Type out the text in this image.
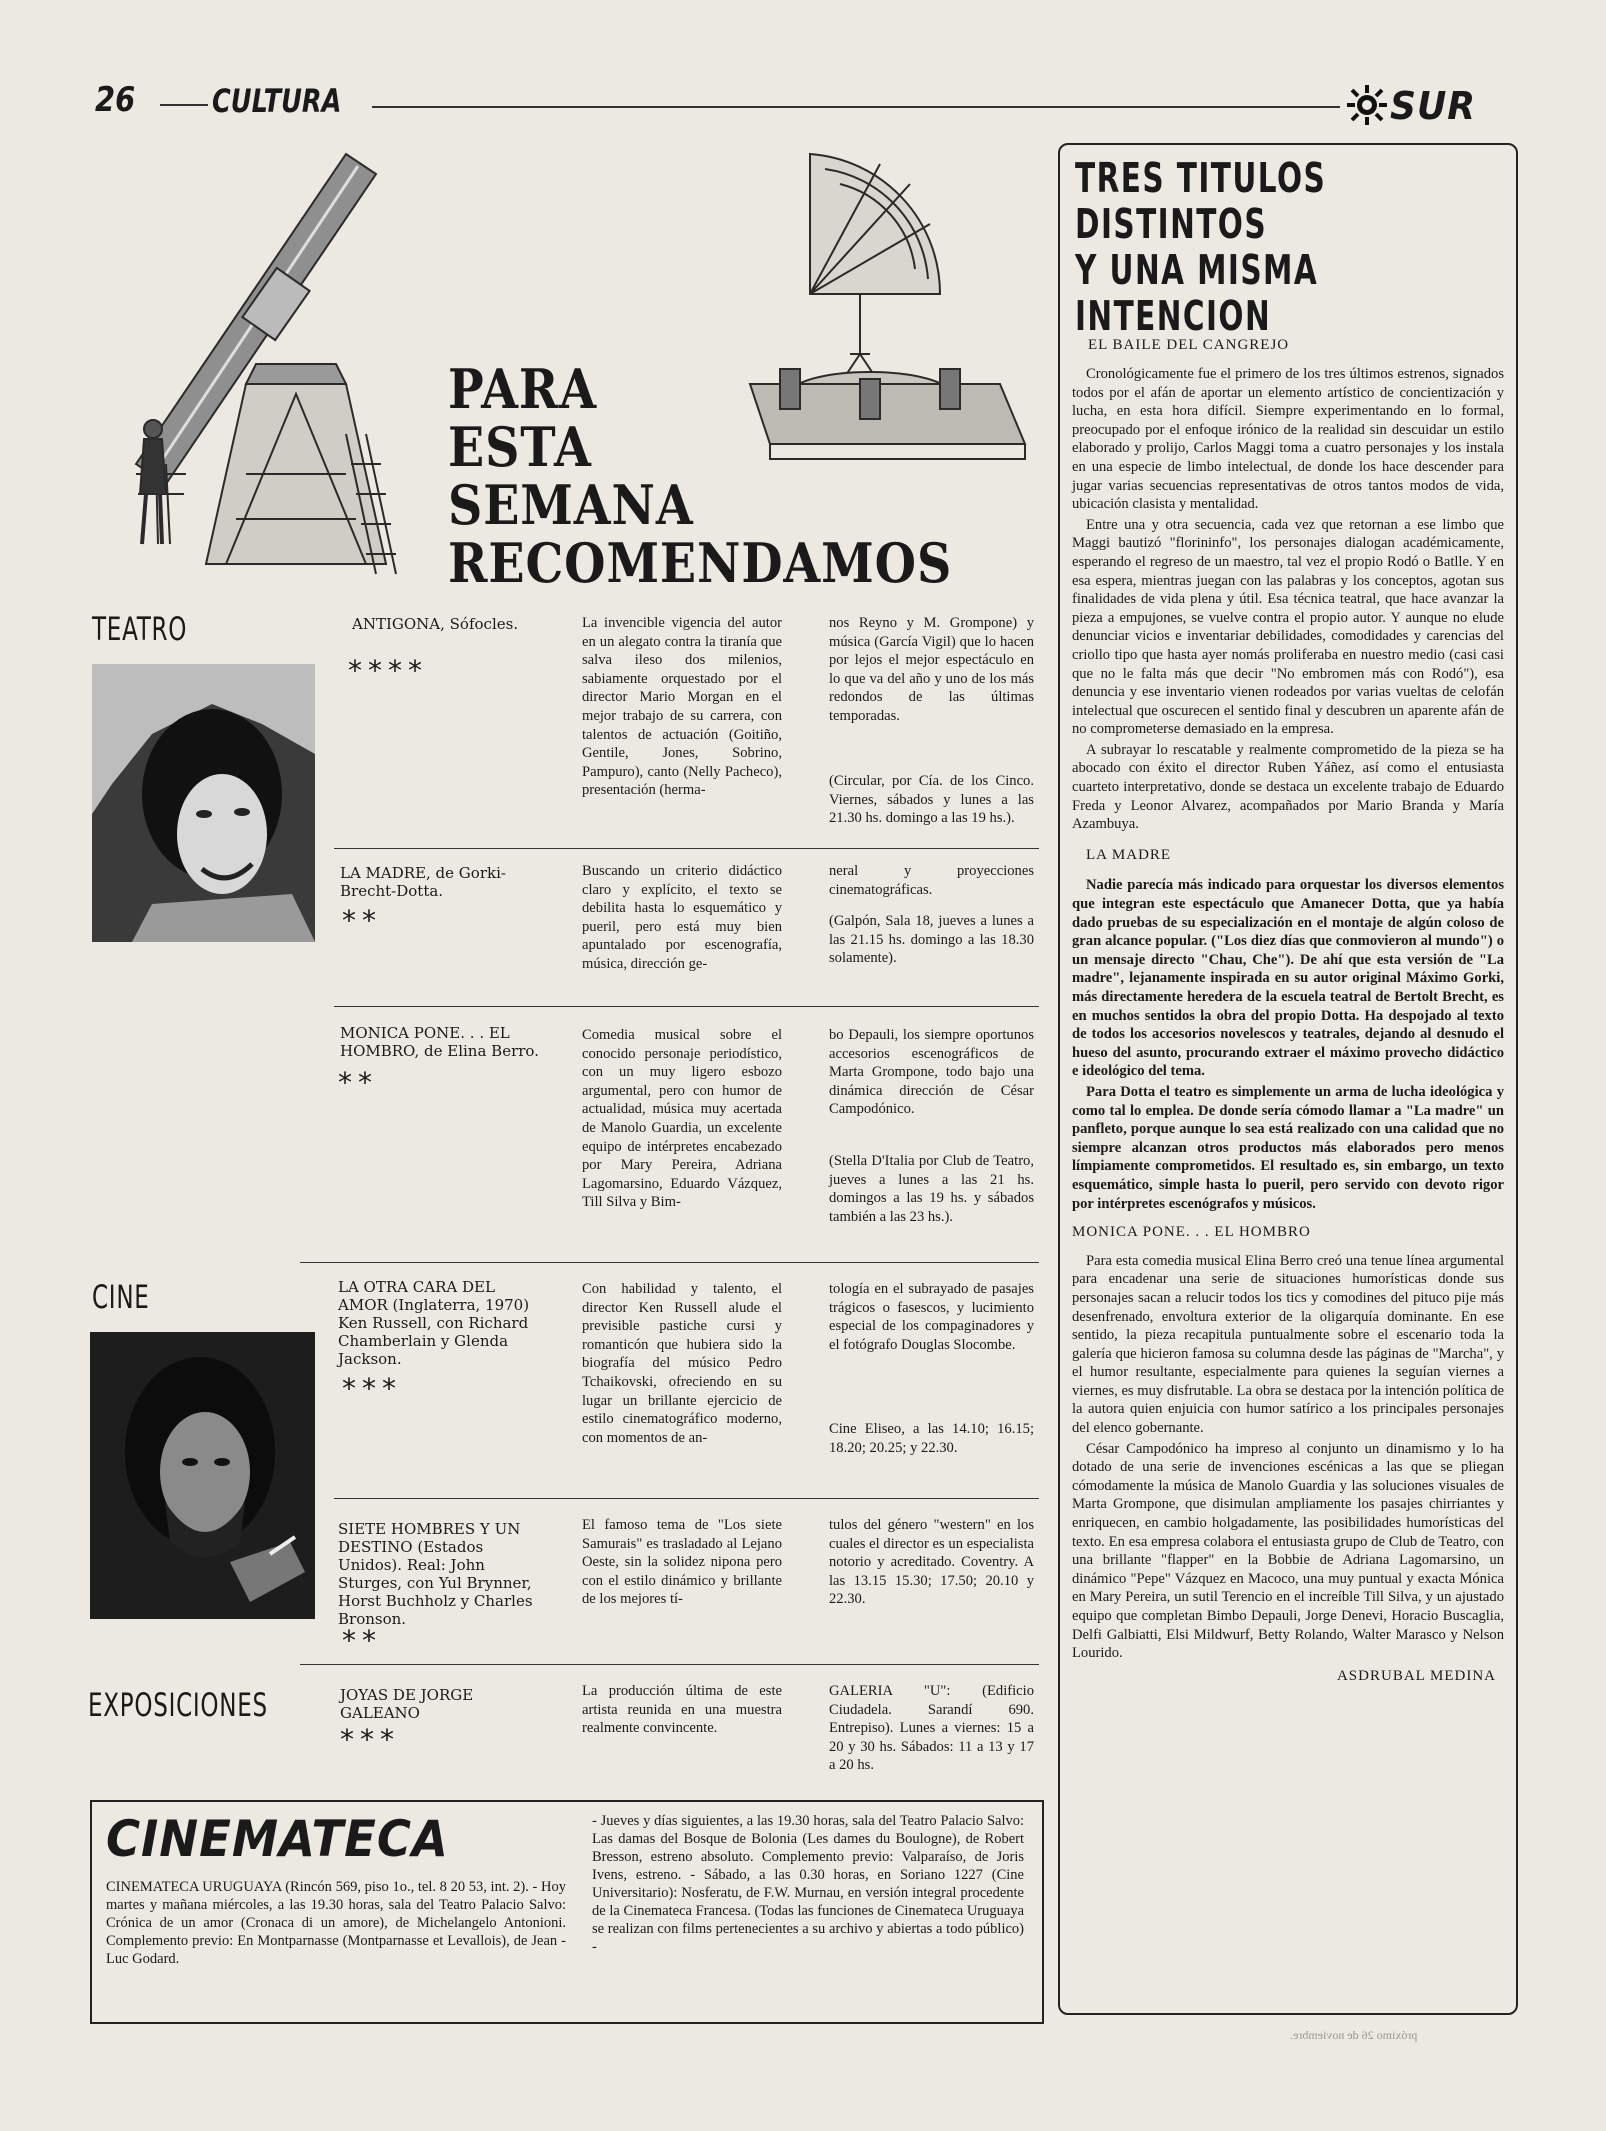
26 CULTURA	SUR
PARA
ESTA
SEMANA
RECOMENDAMOS
TEATRO
CINE
EXPOSICIONES
ANTIGONA, Sófocles.
****
La invencible vigencia del autor en un alegato contra la tiranía que salva ileso dos milenios, sabiamente orquestado por el director Mario Morgan en el mejor trabajo de su carrera, con talentos de actuación (Goitiño, Gentile, Jones, Sobrino, Pampuro), canto (Nelly Pacheco), presentación (herma-
nos Reyno y M. Grompone) y música (García Vigil) que lo hacen por lejos el mejor espectáculo en lo que va del año y uno de los más redondos de las últimas temporadas.
(Circular, por Cía. de los Cinco. Viernes, sábados y lunes a las 21.30 hs. domingo a las 19 hs.).
LA MADRE, de Gorki-Brecht-Dotta.
**
Buscando un criterio didáctico claro y explícito, el texto se debilita hasta lo esquemático y pueril, pero está muy bien apuntalado por escenografía, música, dirección ge-
neral y proyecciones cinematográficas.
(Galpón, Sala 18, jueves a lunes a las 21.15 hs. domingo a las 18.30 solamente).
MONICA PONE. . . EL HOMBRO, de Elina Berro.
**
Comedia musical sobre el conocido personaje periodístico, con un muy ligero esbozo argumental, pero con humor de actualidad, música muy acertada de Manolo Guardia, un excelente equipo de intérpretes encabezado por Mary Pereira, Adriana Lagomarsino, Eduardo Vázquez, Till Silva y Bim-
bo Depauli, los siempre oportunos accesorios escenográficos de Marta Grompone, todo bajo una dinámica dirección de César Campodónico.
(Stella D'Italia por Club de Teatro, jueves a lunes a las 21 hs. domingos a las 19 hs. y sábados también a las 23 hs.).
LA OTRA CARA DEL AMOR (Inglaterra, 1970) Ken Russell, con Richard Chamberlain y Glenda Jackson.
***
Con habilidad y talento, el director Ken Russell alude el previsible pastiche cursi y romanticón que hubiera sido la biografía del músico Pedro Tchaikovski, ofreciendo en su lugar un brillante ejercicio de estilo cinematográfico moderno, con momentos de an-
tología en el subrayado de pasajes trágicos o fasescos, y lucimiento especial de los compaginadores y el fotógrafo Douglas Slocombe.
Cine Eliseo, a las 14.10; 16.15; 18.20; 20.25; y 22.30.
SIETE HOMBRES Y UN DESTINO (Estados Unidos). Real: John Sturges, con Yul Brynner, Horst Buchholz y Charles Bronson.
**
El famoso tema de "Los siete Samurais" es trasladado al Lejano Oeste, sin la solidez nipona pero con el estilo dinámico y brillante de los mejores tí-
tulos del género "western" en los cuales el director es un especialista notorio y acreditado. Coventry. A las 13.15 15.30; 17.50; 20.10 y 22.30.
JOYAS DE JORGE GALEANO
***
La producción última de este artista reunida en una muestra realmente convincente.
GALERIA "U": (Edificio Ciudadela. Sarandí 690. Entrepiso). Lunes a viernes: 15 a 20 y 30 hs. Sábados: 11 a 13 y 17 a 20 hs.
CINEMATECA
CINEMATECA URUGUAYA (Rincón 569, piso 1o., tel. 8 20 53, int. 2). - Hoy martes y mañana miércoles, a las 19.30 horas, sala del Teatro Palacio Salvo: Crónica de un amor (Cronaca di un amore), de Michelangelo Antonioni. Complemento previo: En Montparnasse (Montparnasse et Levallois), de Jean - Luc Godard.
- Jueves y días siguientes, a las 19.30 horas, sala del Teatro Palacio Salvo: Las damas del Bosque de Bolonia (Les dames du Boulogne), de Robert Bresson, estreno absoluto. Complemento previo: Valparaíso, de Joris Ivens, estreno. - Sábado, a las 0.30 horas, en Soriano 1227 (Cine Universitario): Nosferatu, de F.W. Murnau, en versión integral procedente de la Cinemateca Francesa. (Todas las funciones de Cinemateca Uruguaya se realizan con films pertenecientes a su archivo y abiertas a todo público) -
TRES TITULOS
DISTINTOS
Y UNA MISMA
INTENCION
EL BAILE DEL CANGREJO

Cronológicamente fue el primero de los tres últimos estrenos, signados todos por el afán de aportar un elemento artístico de concientización y lucha, en esta hora difícil. Siempre experimentando en lo formal, preocupado por el enfoque irónico de la realidad sin descuidar un estilo elaborado y prolijo, Carlos Maggi toma a cuatro personajes y los instala en una especie de limbo intelectual, de donde los hace descender para jugar varias secuencias representativas de otros tantos modos de vida, ubicación clasista y mentalidad.

Entre una y otra secuencia, cada vez que retornan a ese limbo que Maggi bautizó "florininfo", los personajes dialogan académicamente, esperando el regreso de un maestro, tal vez el propio Rodó o Batlle. Y en esa espera, mientras juegan con las palabras y los conceptos, agotan sus finalidades de vida plena y útil. Esa técnica teatral, que hace avanzar la pieza a empujones, se vuelve contra el propio autor. Y aunque no elude denunciar vicios e inventariar debilidades, comodidades y carencias del criollo tipo que hasta ayer nomás proliferaba en nuestro medio (casi casi que no le falta más que decir "No embromen más con Rodó"), esa denuncia y ese inventario vienen rodeados por varias vueltas de celofán intelectual que oscurecen el sentido final y descubren un aparente afán de no comprometerse demasiado en la empresa.

A subrayar lo rescatable y realmente comprometido de la pieza se ha abocado con éxito el director Ruben Yáñez, así como el entusiasta cuarteto interpretativo, donde se destaca un excelente trabajo de Eduardo Freda y Leonor Alvarez, acompañados por Mario Branda y María Azambuya.

LA MADRE

Nadie parecía más indicado para orquestar los diversos elementos que integran este espectáculo que Amanecer Dotta, que ya había dado pruebas de su especialización en el montaje de algún coloso de gran alcance popular. ("Los diez días que conmovieron al mundo") o un mensaje directo "Chau, Che"). De ahí que esta versión de "La madre", lejanamente inspirada en su autor original Máximo Gorki, más directamente heredera de la escuela teatral de Bertolt Brecht, es en muchos sentidos la obra del propio Dotta. Ha despojado al texto de todos los accesorios novelescos y teatrales, dejando al desnudo el hueso del asunto, procurando extraer el máximo provecho didáctico e ideológico del tema.

Para Dotta el teatro es simplemente un arma de lucha ideológica y como tal lo emplea. De donde sería cómodo llamar a "La madre" un panfleto, porque aunque lo sea está realizado con una calidad que no siempre alcanzan otros productos más elaborados pero menos límpiamente comprometidos. El resultado es, sin embargo, un texto esquemático, simple hasta lo pueril, pero servido con devoto rigor por intérpretes escenógrafos y músicos.

MONICA PONE. . . EL HOMBRO

Para esta comedia musical Elina Berro creó una tenue línea argumental para encadenar una serie de situaciones humorísticas donde sus personajes sacan a relucir todos los tics y comodines del pituco pije más desenfrenado, envoltura exterior de la oligarquía dominante. En ese sentido, la pieza recapitula puntualmente sobre el escenario toda la galería que hicieron famosa su columna desde las páginas de "Marcha", y el humor resultante, especialmente para quienes la seguían viernes a viernes, es muy disfrutable. La obra se destaca por la intención política de la autora quien enjuicia con humor satírico a los principales personajes del elenco gobernante.

César Campodónico ha impreso al conjunto un dinamismo y lo ha dotado de una serie de invenciones escénicas a las que se pliegan cómodamente la música de Manolo Guardia y las soluciones visuales de Marta Grompone, que disimulan ampliamente los pasajes chirriantes y enriquecen, en cambio holgadamente, las posibilidades humorísticas del texto. En esa empresa colabora el entusiasta grupo de Club de Teatro, con una brillante "flapper" en la Bobbie de Adriana Lagomarsino, un dinámico "Pepe" Vázquez en Macoco, una muy puntual y exacta Mónica en Mary Pereira, un sutil Terencio en el increíble Till Silva, y un ajustado equipo que completan Bimbo Depauli, Jorge Denevi, Horacio Buscaglia, Delfi Galbiatti, Elsi Mildwurf, Betty Rolando, Walter Marasco y Nelson Lourido.

ASDRUBAL MEDINA
próximo 26 de noviembre.
